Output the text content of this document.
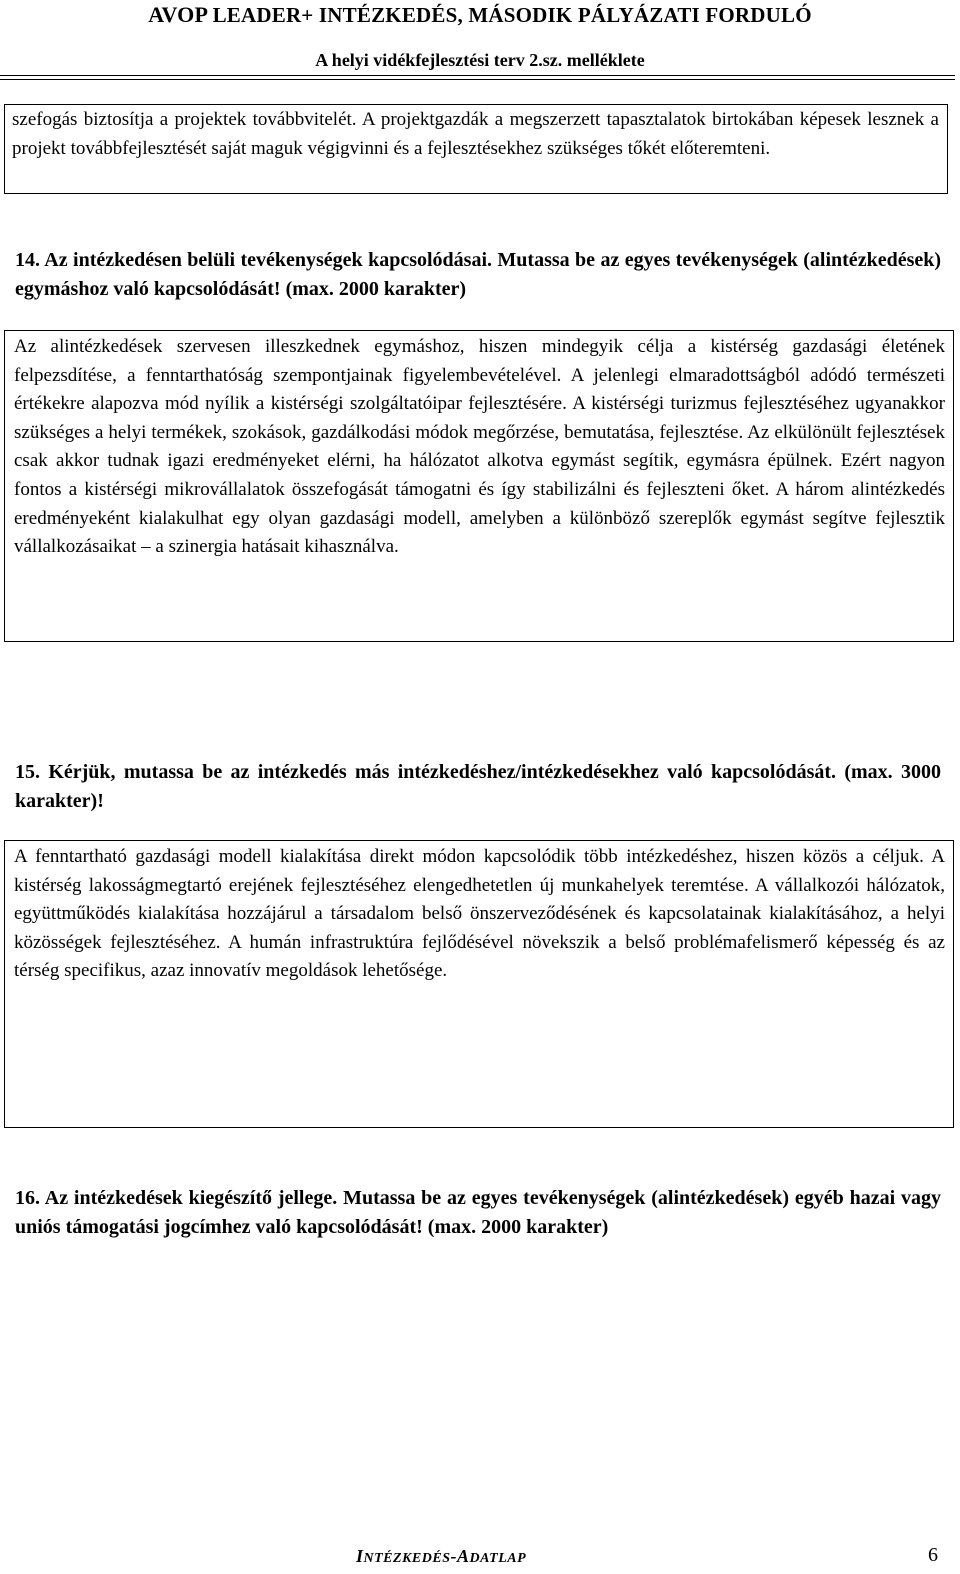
AVOP LEADER+ INTÉZKEDÉS, MÁSODIK PÁLYÁZATI FORDULÓ
A helyi vidékfejlesztési terv 2.sz. melléklete

szefogás biztosítja a projektek továbbvitelét. A projektgazdák a megszerzett tapasztalatok birtokában képesek lesznek a projekt továbbfejlesztését saját maguk végigvinni és a fejlesztésekhez szükséges tőkét előteremteni.

14. Az intézkedésen belüli tevékenységek kapcsolódásai. Mutassa be az egyes tevékenységek (alintézkedések) egymáshoz való kapcsolódását! (max. 2000 karakter)

Az alintézkedések szervesen illeszkednek egymáshoz, hiszen mindegyik célja a kistérség gazdasági életének felpezsdítése, a fenntarthatóság szempontjainak figyelembevételével. A jelenlegi elmaradottságból adódó természeti értékekre alapozva mód nyílik a kistérségi szolgáltatóipar fejlesztésére. A kistérségi turizmus fejlesztéséhez ugyanakkor szükséges a helyi termékek, szokások, gazdálkodási módok megőrzése, bemutatása, fejlesztése. Az elkülönült fejlesztések csak akkor tudnak igazi eredményeket elérni, ha hálózatot alkotva egymást segítik, egymásra épülnek. Ezért nagyon fontos a kistérségi mikrovállalatok összefogását támogatni és így stabilizálni és fejleszteni őket. A három alintézkedés eredményeként kialakulhat egy olyan gazdasági modell, amelyben a különböző szereplők egymást segítve fejlesztik vállalkozásaikat – a szinergia hatásait kihasználva.

15. Kérjük, mutassa be az intézkedés más intézkedéshez/intézkedésekhez való kapcsolódását. (max. 3000 karakter)!

A fenntartható gazdasági modell kialakítása direkt módon kapcsolódik több intézkedéshez, hiszen közös a céljuk. A kistérség lakosságmegtartó erejének fejlesztéséhez elengedhetetlen új munkahelyek teremtése. A vállalkozói hálózatok, együttműködés kialakítása hozzájárul a társadalom belső önszerveződésének és kapcsolatainak kialakításához, a helyi közösségek fejlesztéséhez. A humán infrastruktúra fejlődésével növekszik a belső problémafelismerő képesség és az térség specifikus, azaz innovatív megoldások lehetősége.

16. Az intézkedések kiegészítő jellege. Mutassa be az egyes tevékenységek (alintézkedések) egyéb hazai vagy uniós támogatási jogcímhez való kapcsolódását! (max. 2000 karakter)
INTÉZKEDÉS-ADATLAP	6
